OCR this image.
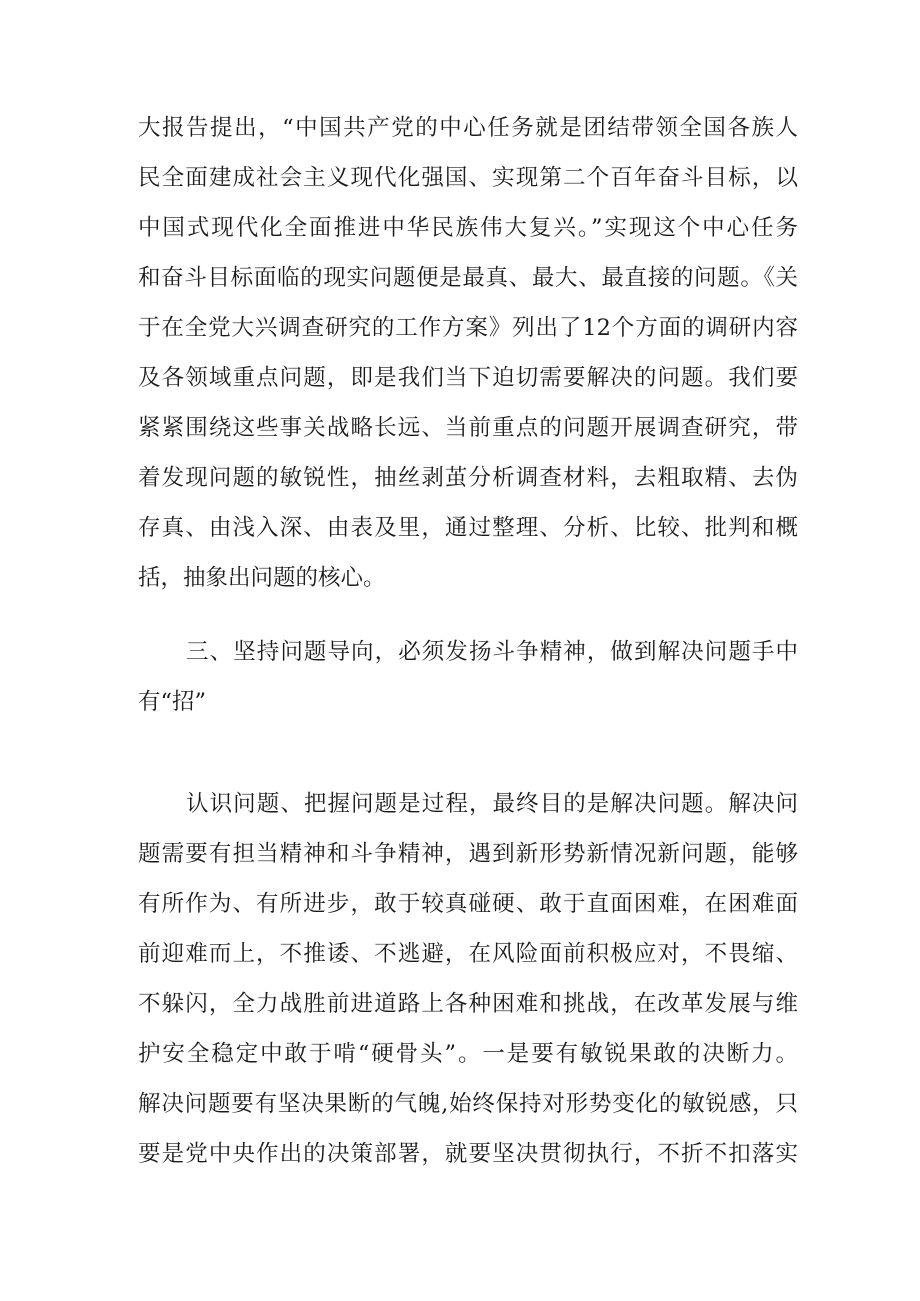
大报告提出，“中国共产党的中心任务就是团结带领全国各族人
民全面建成社会主义现代化强国、实现第二个百年奋斗目标，以
中国式现代化全面推进中华民族伟大复兴。”实现这个中心任务
和奋斗目标面临的现实问题便是最真、最大、最直接的问题。《关
于在全党大兴调查研究的工作方案》列出了12个方面的调研内容
及各领域重点问题，即是我们当下迫切需要解决的问题。我们要
紧紧围绕这些事关战略长远、当前重点的问题开展调查研究，带
着发现问题的敏锐性，抽丝剥茧分析调查材料，去粗取精、去伪
存真、由浅入深、由表及里，通过整理、分析、比较、批判和概
括，抽象出问题的核心。
三、坚持问题导向，必须发扬斗争精神，做到解决问题手中
有“招”
认识问题、把握问题是过程，最终目的是解决问题。解决问
题需要有担当精神和斗争精神，遇到新形势新情况新问题，能够
有所作为、有所进步，敢于较真碰硬、敢于直面困难，在困难面
前迎难而上，不推诿、不逃避，在风险面前积极应对，不畏缩、
不躲闪，全力战胜前进道路上各种困难和挑战，在改革发展与维
护安全稳定中敢于啃“硬骨头”。一是要有敏锐果敢的决断力。
解决问题要有坚决果断的气魄,始终保持对形势变化的敏锐感，只
要是党中央作出的决策部署，就要坚决贯彻执行，不折不扣落实
